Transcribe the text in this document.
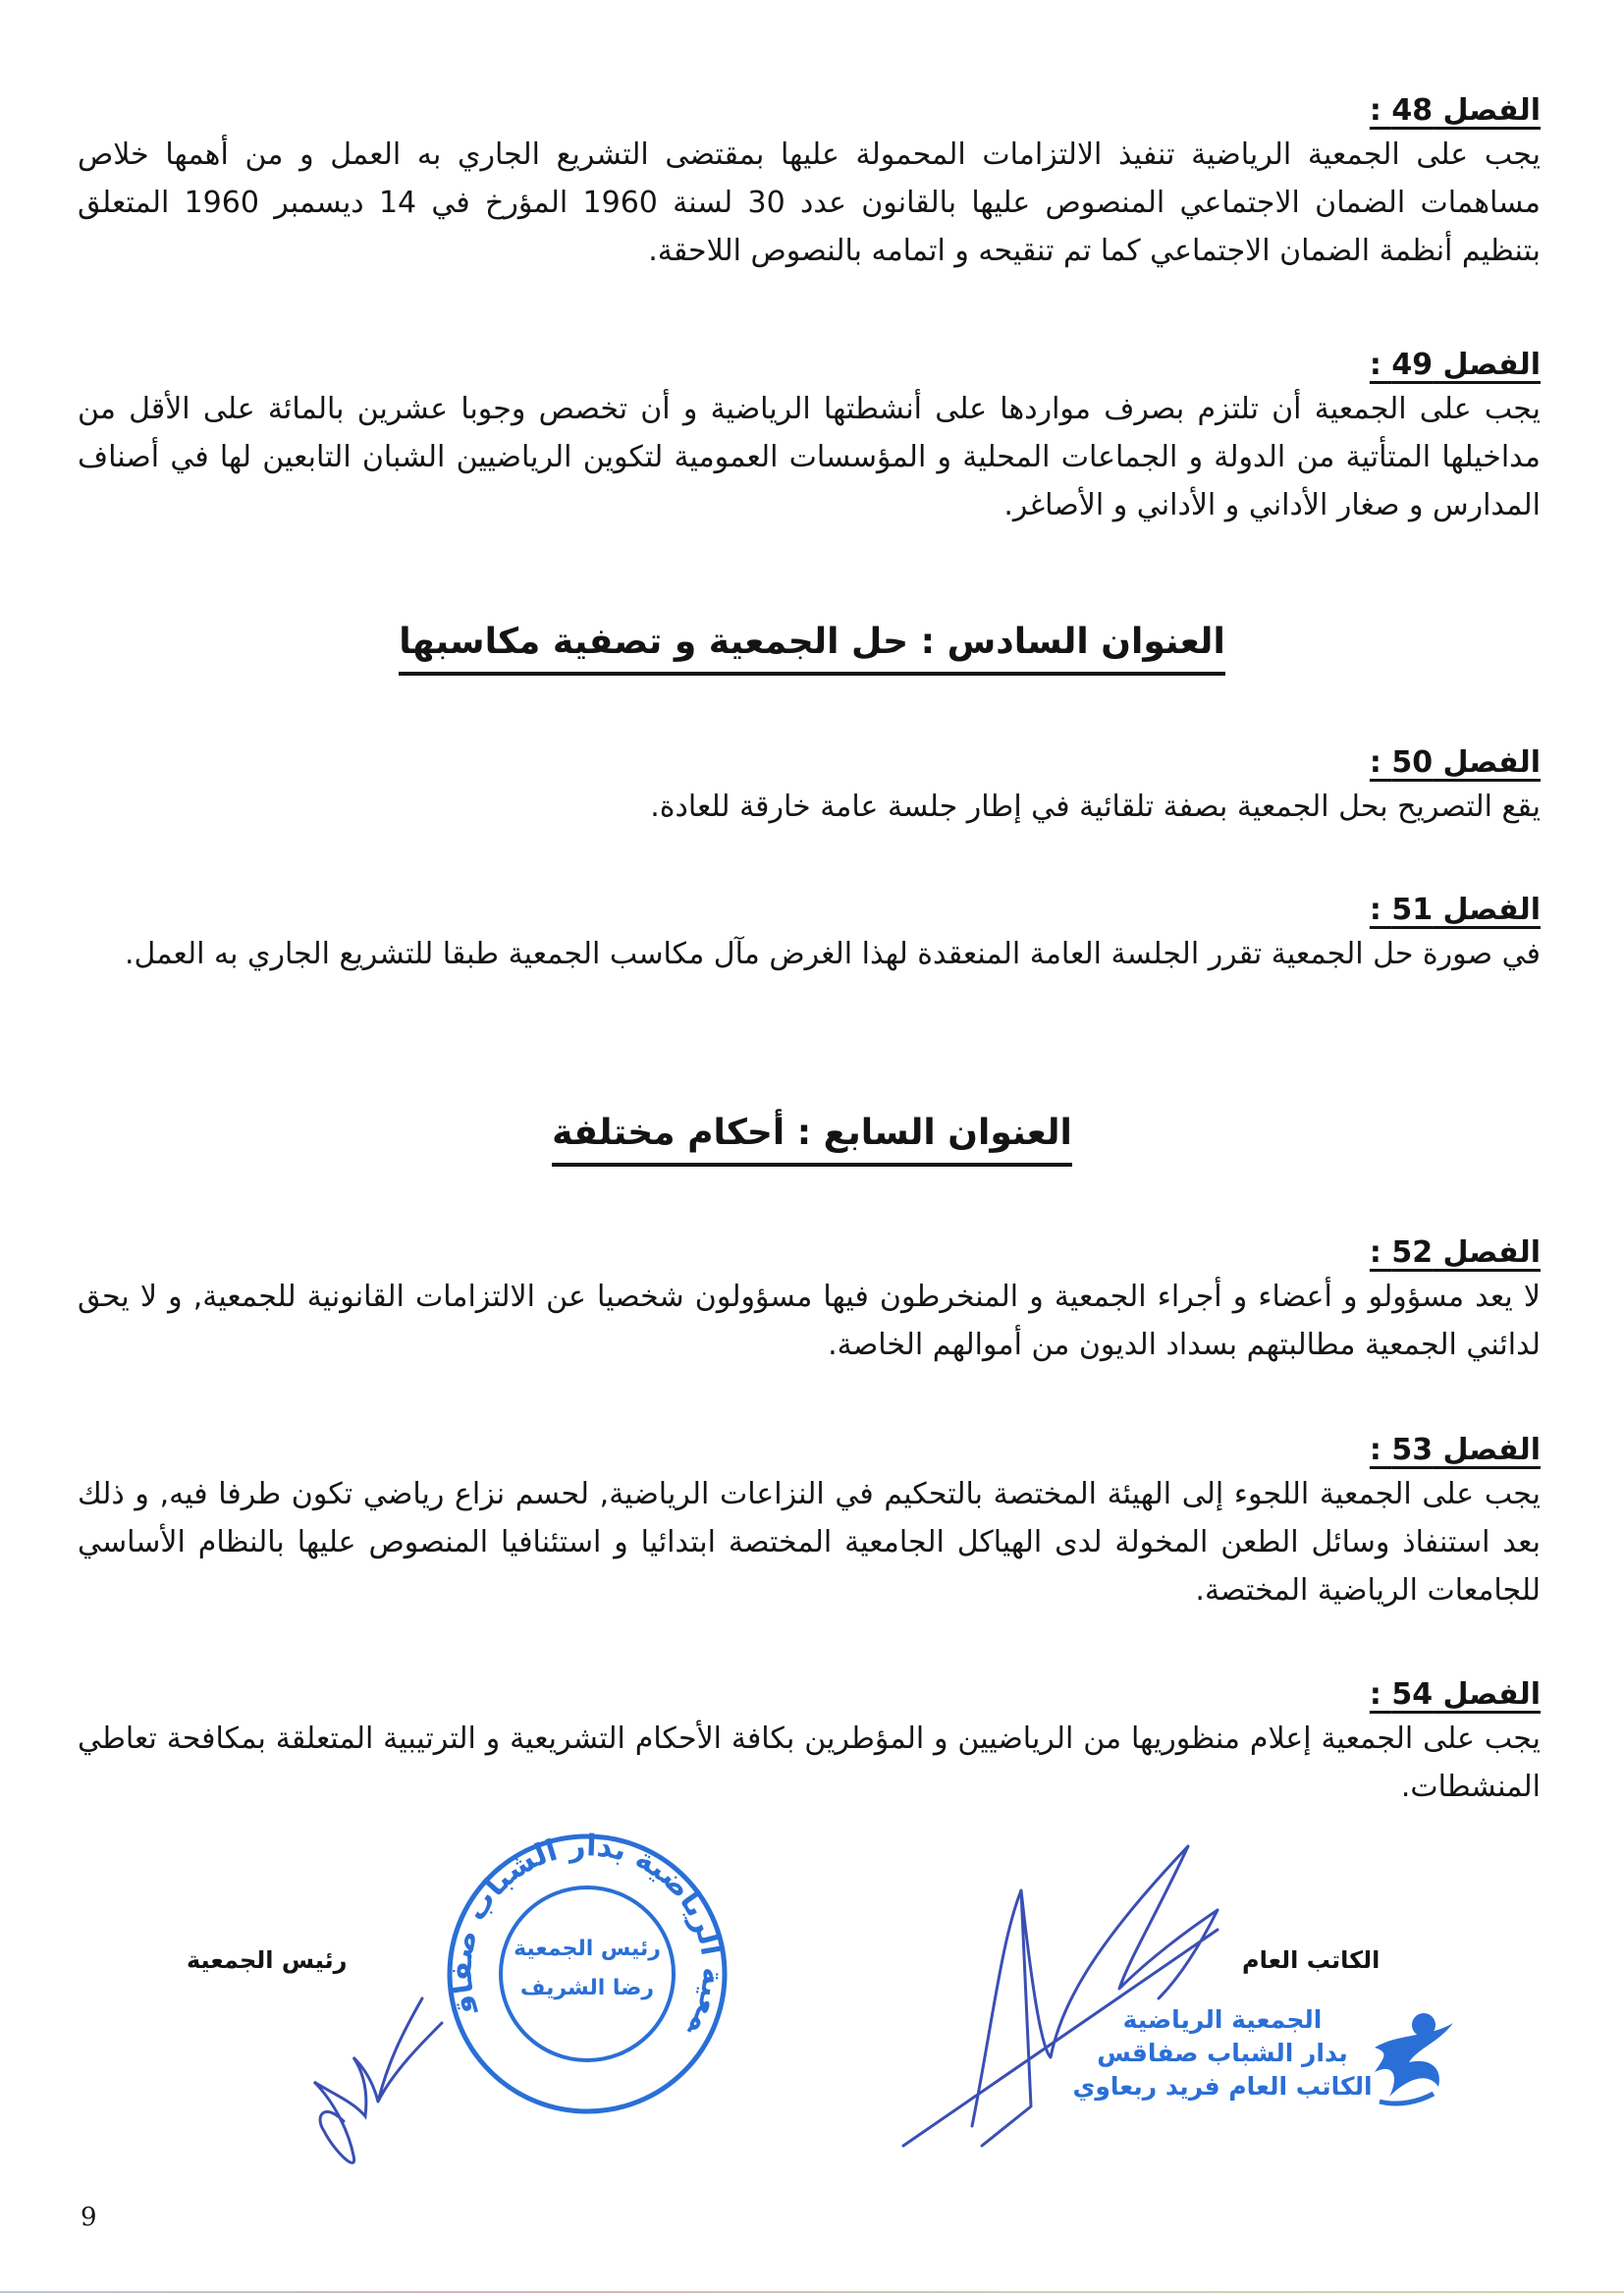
الفصل 48 :

يجب على الجمعية الرياضية تنفيذ الالتزامات المحمولة عليها بمقتضى التشريع الجاري به العمل و من أهمها خلاص مساهمات الضمان الاجتماعي المنصوص عليها بالقانون عدد 30 لسنة 1960 المؤرخ في 14 ديسمبر 1960 المتعلق بتنظيم أنظمة الضمان الاجتماعي كما تم تنقيحه و اتمامه بالنصوص اللاحقة.

الفصل 49 :

يجب على الجمعية أن تلتزم بصرف مواردها على أنشطتها الرياضية و أن تخصص وجوبا عشرين بالمائة على الأقل من مداخيلها المتأتية من الدولة و الجماعات المحلية و المؤسسات العمومية لتكوين الرياضيين الشبان التابعين لها في أصناف المدارس و صغار الأداني و الأداني و الأصاغر.

العنوان السادس : حل الجمعية و تصفية مكاسبها
الفصل 50 :

يقع التصريح بحل الجمعية بصفة تلقائية في إطار جلسة عامة خارقة للعادة.

الفصل 51 :

في صورة حل الجمعية تقرر الجلسة العامة المنعقدة لهذا الغرض مآل مكاسب الجمعية طبقا للتشريع الجاري به العمل.

العنوان السابع : أحكام مختلفة
الفصل 52 :

لا يعد مسؤولو و أعضاء و أجراء الجمعية و المنخرطون فيها مسؤولون شخصيا عن الالتزامات القانونية للجمعية, و لا يحق لدائني الجمعية مطالبتهم بسداد الديون من أموالهم الخاصة.

الفصل 53 :

يجب على الجمعية اللجوء إلى الهيئة المختصة بالتحكيم في النزاعات الرياضية, لحسم نزاع رياضي تكون طرفا فيه, و ذلك بعد استنفاذ وسائل الطعن المخولة لدى الهياكل الجامعية المختصة ابتدائيا و استئنافيا المنصوص عليها بالنظام الأساسي للجامعات الرياضية المختصة.

الفصل 54 :

يجب على الجمعية إعلام منظوريها من الرياضيين و المؤطرين بكافة الأحكام التشريعية و الترتيبية المتعلقة بمكافحة تعاطي المنشطات.

رئيس الجمعية	الكاتب العام
معية الرياضية بدار الشباب صفاق
رئيس الجمعية
رضا الشريف
الجمعية الرياضية
بدار الشباب صفاقس
الكاتب العام فريد ربعاوي
9
